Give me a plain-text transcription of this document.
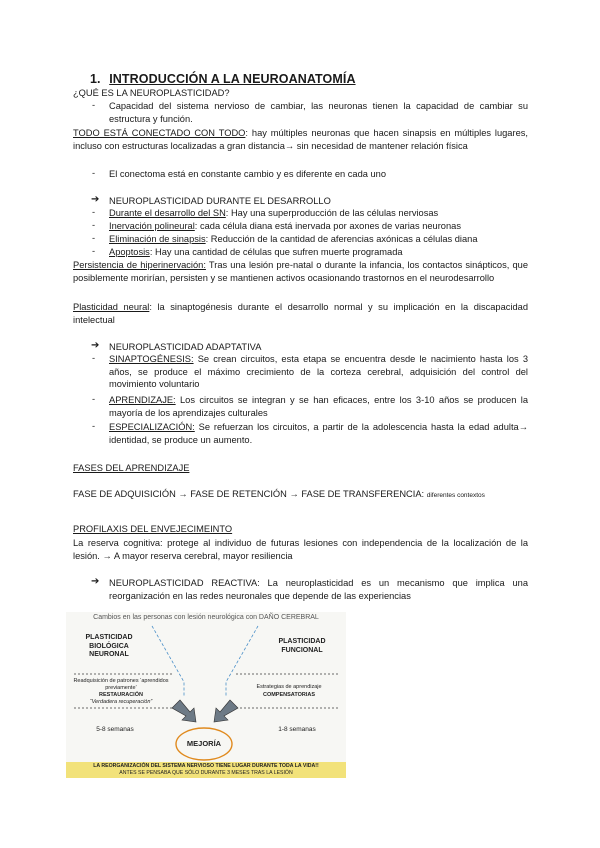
1. INTRODUCCIÓN A LA NEUROANATOMÍA
¿QUÉ ES LA NEUROPLASTICIDAD?
-	Capacidad del sistema nervioso de cambiar, las neuronas tienen la capacidad de cambiar su estructura y función.
TODO ESTÁ CONECTADO CON TODO: hay múltiples neuronas que hacen sinapsis en múltiples lugares, incluso con estructuras localizadas a gran distancia→ sin necesidad de mantener relación física
-	El conectoma está en constante cambio y es diferente en cada uno
➔	NEUROPLASTICIDAD DURANTE EL DESARROLLO
-	Durante el desarrollo del SN: Hay una superproducción de las células nerviosas
-	Inervación polineural: cada célula diana está inervada por axones de varias neuronas
-	Eliminación de sinapsis: Reducción de la cantidad de aferencias axónicas a células diana
-	Apoptosis: Hay una cantidad de células que sufren muerte programada
Persistencia de hiperinervación: Tras una lesión pre-natal o durante la infancia, los contactos sinápticos, que posiblemente morirían, persisten y se mantienen activos ocasionando trastornos en el neurodesarrollo
Plasticidad neural: la sinaptogénesis durante el desarrollo normal y su implicación en la discapacidad intelectual
➔	NEUROPLASTICIDAD ADAPTATIVA
-	SINAPTOGÉNESIS: Se crean circuitos, esta etapa se encuentra desde le nacimiento hasta los 3 años, se produce el máximo crecimiento de la corteza cerebral, adquisición del control del movimiento voluntario
-	APRENDIZAJE: Los circuitos se integran y se han eficaces, entre los 3-10 años se producen la mayoría de los aprendizajes culturales
-	ESPECIALIZACIÓN: Se refuerzan los circuitos, a partir de la adolescencia hasta la edad adulta→ identidad, se produce un aumento.
FASES DEL APRENDIZAJE
FASE DE ADQUISICIÓN → FASE DE RETENCIÓN → FASE DE TRANSFERENCIA: diferentes contextos
PROFILAXIS DEL ENVEJECIMEINTO
La reserva cognitiva: protege al individuo de futuras lesiones con independencia de la localización de la lesión. → A mayor reserva cerebral, mayor resiliencia
➔	NEUROPLASTICIDAD REACTIVA: La neuroplasticidad es un mecanismo que implica una reorganización en las redes neuronales que depende de las experiencias
Cambios en las personas con lesión neurológica con DAÑO CEREBRAL
PLASTICIDAD BIOLÓGICA NEURONAL
PLASTICIDAD FUNCIONAL
Readquisición de patrones ‘aprendidos previamente’
RESTAURACIÓN
“Verdadera recuperación”
Estrategias de aprendizaje
COMPENSATORIAS
5-8 semanas	1-8 semanas
MEJORÍA
LA REORGANIZACIÓN DEL SISTEMA NERVIOSO TIENE LUGAR DURANTE TODA LA VIDA!!
ANTES SE PENSABA QUE SÓLO DURANTE 3 MESES TRAS LA LESIÓN
